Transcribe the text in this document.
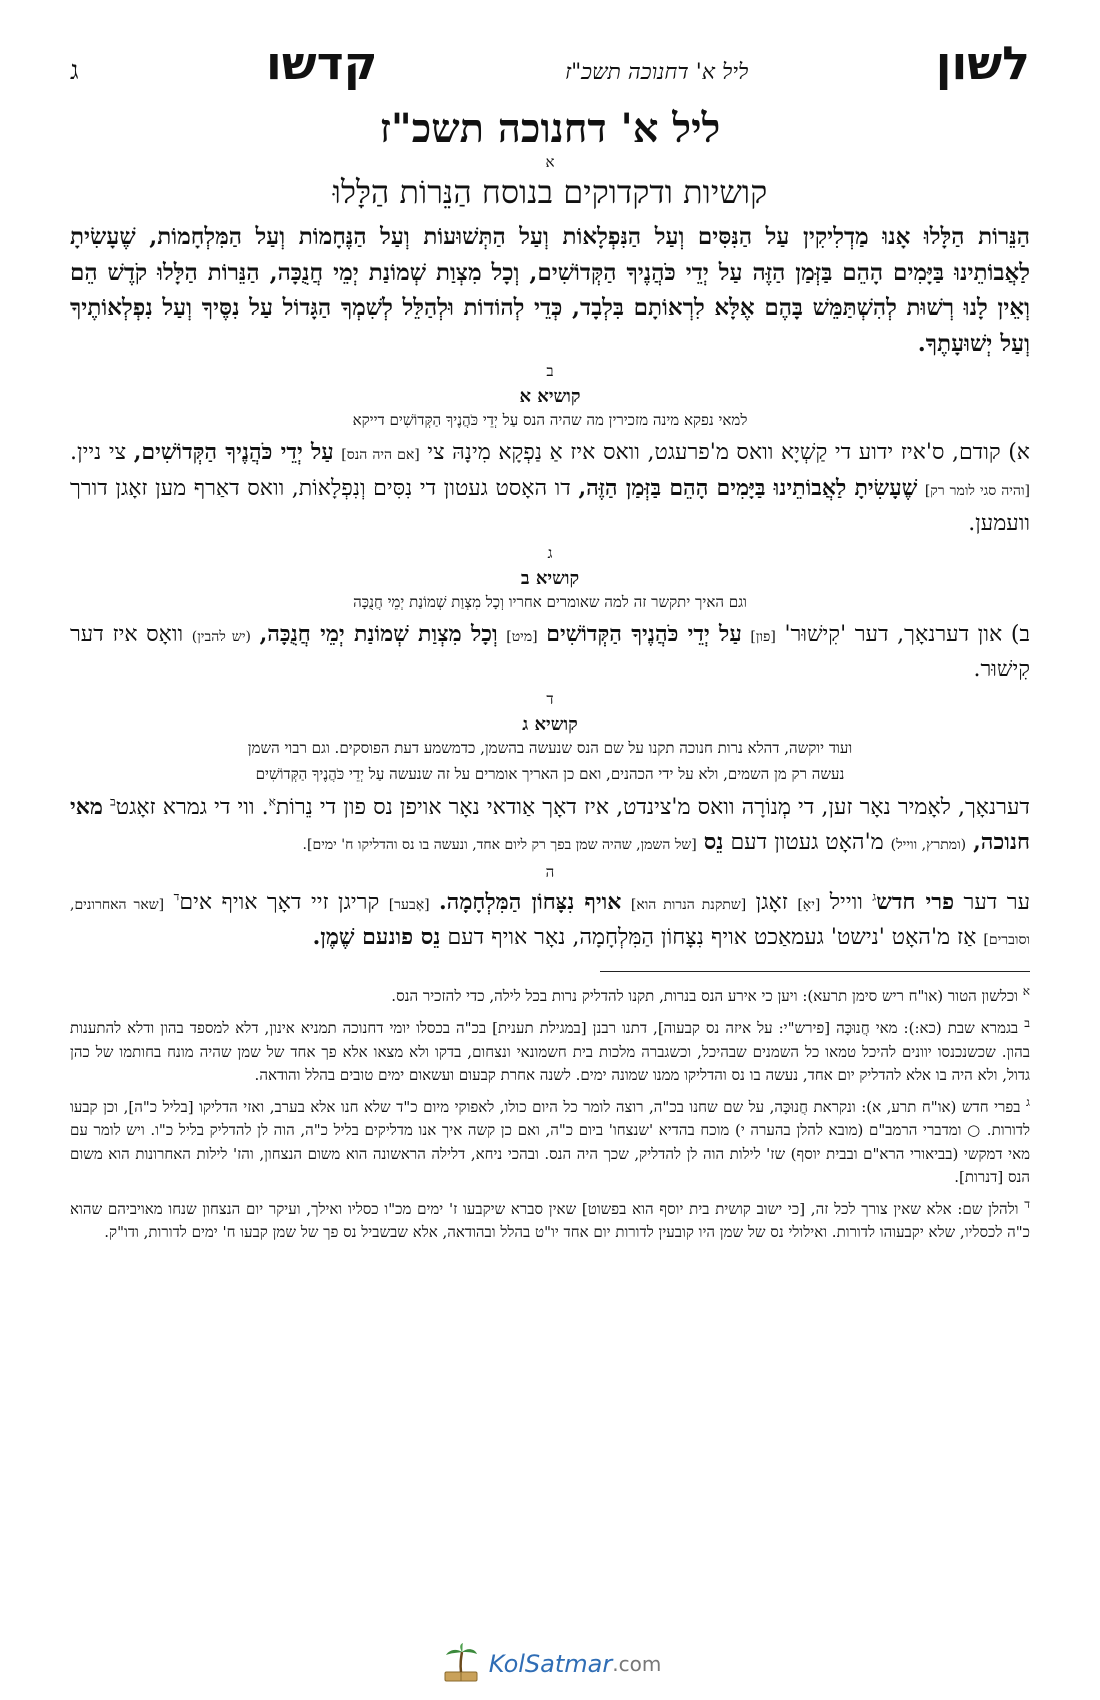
לשון
ליל א' דחנוכה תשכ"ז
קדשו
ג
ליל א' דחנוכה תשכ"ז
א
קושיות ודקדוקים בנוסח הַנֵּרוֹת הַלָּלוּ
הַנֵּרוֹת הַלָּלוּ אָנוּ מַדְלִיקִין עַל הַנִּסִּים וְעַל הַנִּפְלָאוֹת וְעַל הַתְּשׁוּעוֹת וְעַל הַנֶּחָמוֹת וְעַל הַמִּלְחָמוֹת, שֶׁעָשִׂיתָ לַאֲבוֹתֵינוּ בַּיָּמִים הָהֵם בַּזְּמַן הַזֶּה עַל יְדֵי כֹּהֲנֶיךָ הַקְּדוֹשִׁים, וְכָל מִצְוַת שְׁמוֹנַת יְמֵי חֲנֻכָּה, הַנֵּרוֹת הַלָּלוּ קֹדֶשׁ הֵם וְאֵין לָנוּ רְשׁוּת לְהִשְׁתַּמֵּשׁ בָּהֶם אֶלָּא לִרְאוֹתָם בִּלְבָד, כְּדֵי לְהוֹדוֹת וּלְהַלֵּל לְשִׁמְךָ הַגָּדוֹל עַל נִסֶּיךָ וְעַל נִפְלְאוֹתֶיךָ וְעַל יְשׁוּעָתֶךָ.
ב
קושיא א
למאי נפקא מינה מזכירין מה שהיה הנס עַל יְדֵי כֹּהֲנֶיךָ הַקְּדוֹשִׁים דייקא
א) קודם, ס'איז ידוע די קַשְׁיָא וואס מ'פרעגט, וואס איז אַ נַפְקָא מִינָהּ צי [אם היה הנס] עַל יְדֵי כֹּהֲנֶיךָ הַקְּדוֹשִׁים, צי ניין. [והיה סגי לומר רק] שֶׁעָשִׂיתָ לַאֲבוֹתֵינוּ בַּיָּמִים הָהֵם בַּזְּמַן הַזֶּה, דו האָסט געטון די נִסִּים וְנִפְלָאוֹת, וואס דאַרף מען זאָגן דורך וועמען.
ג
קושיא ב
וגם האיך יתקשר זה למה שאומרים אחריו וְכָל מִצְוַת שְׁמוֹנַת יְמֵי חֲנֻכָּה
ב) און דערנאָך, דער 'קִישׁוּר' [פון] עַל יְדֵי כֹּהֲנֶיךָ הַקְּדוֹשִׁים [מיט] וְכָל מִצְוַת שְׁמוֹנַת יְמֵי חֲנֻכָּה, (יש להבין) וואָס איז דער קִישׁוּר.
ד
קושיא ג
ועוד יוקשה, דהלא נרות חנוכה תקנו על שם הנס שנעשה בהשמן, כדמשמע דעת הפוסקים. וגם רבוי השמן
נעשה רק מן השמים, ולא על ידי הכהנים, ואם כן האריך אומרים על זה שנעשה עַל יְדֵי כֹּהֲנֶיךָ הַקְּדוֹשִׁים
דערנאָך, לאָמיר נאָר זען, די מְנוֹרָה וואס מ'צינדט, איז דאָך אַודאי נאָר אויפן נס פון די נֵרוֹת$^א$. ווי די גמרא זאָגט$^ב$ מאי חנוכה, (ומתרץ, ווייל) מ'האָט געטון דעם נֵס [של השמן, שהיה שמן בפך רק ליום אחד, ונעשה בו נס והדליקו ח' ימים].
ה
ער דער פרי חדש$^ג$ ווייל [יאָ] זאָגן [שתקנת הנרות הוא] אויף נִצָּחוֹן הַמִּלְחָמָה. [אָבער] קריגן זיי דאָך אויף אים$^ד$ [שאר האחרונים, וסוברים] אַז מ'האָט 'נישט' געמאַכט אויף נִצָּחוֹן הַמִּלְחָמָה, נאָר אויף דעם נֵס פונעם שֶׁמֶן.
$^א$ וכלשון הטור (או"ח ריש סימן תרעא): ויען כי אירע הנס בנרות, תקנו להדליק נרות בכל לילה, כדי להזכיר הנס.
$^ב$ בגמרא שבת (כא:): מאי חֲנוּכָּה [פירש"י: על איזה נס קבעוה], דתנו רבנן [במגילת תענית] בכ"ה בכסלו יומי דחנוכה תמניא אינון, דלא למספד בהון ודלא להתענות בהון. שכשנכנסו יוונים להיכל טמאו כל השמנים שבהיכל, וכשגברה מלכות בית חשמונאי ונצחום, בדקו ולא מצאו אלא פך אחד של שמן שהיה מונח בחותמו של כהן גדול, ולא היה בו אלא להדליק יום אחד, נעשה בו נס והדליקו ממנו שמונה ימים. לשנה אחרת קבעום ועשאום ימים טובים בהלל והודאה.
$^ג$ בפרי חדש (או"ח תרע, א): ונקראת חֲנוּכָּה, על שם שחנו בכ"ה, רוצה לומר כל היום כולו, לאפוקי מיום כ"ד שלא חנו אלא בערב, ואזי הדליקו [בליל כ"ה], וכן קבעו לדורות. ○ ומדברי הרמב"ם (מובא להלן בהערה י) מוכח בהדיא 'שנצחו' ביום כ"ה, ואם כן קשה איך אנו מדליקים בליל כ"ה, הוה לן להדליק בליל כ"ו. ויש לומר עם מאי דמקשי (בביאורי הרא"ם ובבית יוסף) שז' לילות הוה לן להדליק, שכך היה הנס. ובהכי ניחא, דלילה הראשונה הוא משום הנצחון, והז' לילות האחרונות הוא משום הנס [דנרות].
$^ד$ ולהלן שם: אלא שאין צורך לכל זה, [כי ישוב קושית בית יוסף הוא בפשוט] שאין סברא שיקבעו ז' ימים מכ"ו כסליו ואילך, ועיקר יום הנצחון שנחו מאויביהם שהוא כ"ה לכסליו, שלא יקבעוהו לדורות. ואילולי נס של שמן היו קובעין לדורות יום אחד יו"ט בהלל ובהודאה, אלא שבשביל נס פך של שמן קבעו ח' ימים לדורות, ודו"ק.
KolSatmar .com
